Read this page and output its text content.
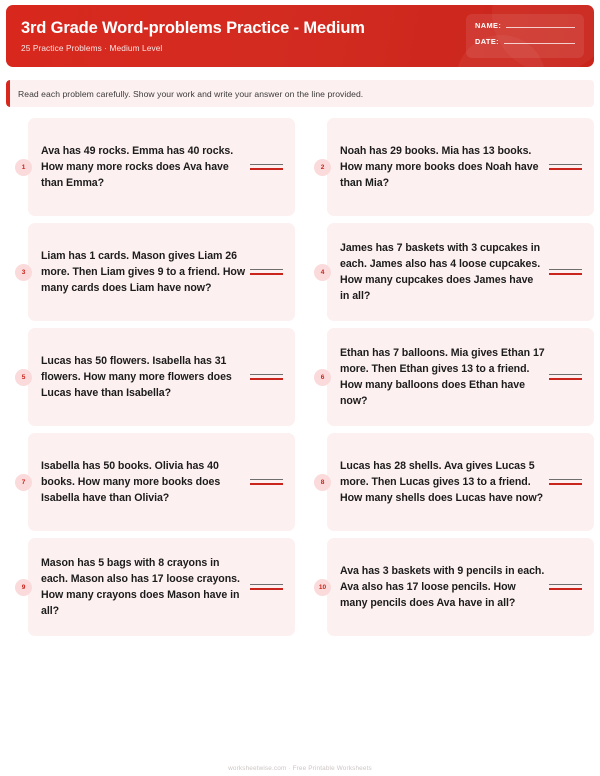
3rd Grade Word-problems Practice - Medium
25 Practice Problems · Medium Level
NAME:
DATE:
Read each problem carefully. Show your work and write your answer on the line provided.
1
Ava has 49 rocks. Emma has 40 rocks. How many more rocks does Ava have than Emma?
2
Noah has 29 books. Mia has 13 books. How many more books does Noah have than Mia?
3
Liam has 1 cards. Mason gives Liam 26 more. Then Liam gives 9 to a friend. How many cards does Liam have now?
4
James has 7 baskets with 3 cupcakes in each. James also has 4 loose cupcakes. How many cupcakes does James have in all?
5
Lucas has 50 flowers. Isabella has 31 flowers. How many more flowers does Lucas have than Isabella?
6
Ethan has 7 balloons. Mia gives Ethan 17 more. Then Ethan gives 13 to a friend. How many balloons does Ethan have now?
7
Isabella has 50 books. Olivia has 40 books. How many more books does Isabella have than Olivia?
8
Lucas has 28 shells. Ava gives Lucas 5 more. Then Lucas gives 13 to a friend. How many shells does Lucas have now?
9
Mason has 5 bags with 8 crayons in each. Mason also has 17 loose crayons. How many crayons does Mason have in all?
10
Ava has 3 baskets with 9 pencils in each. Ava also has 17 loose pencils. How many pencils does Ava have in all?
worksheetwise.com · Free Printable Worksheets
